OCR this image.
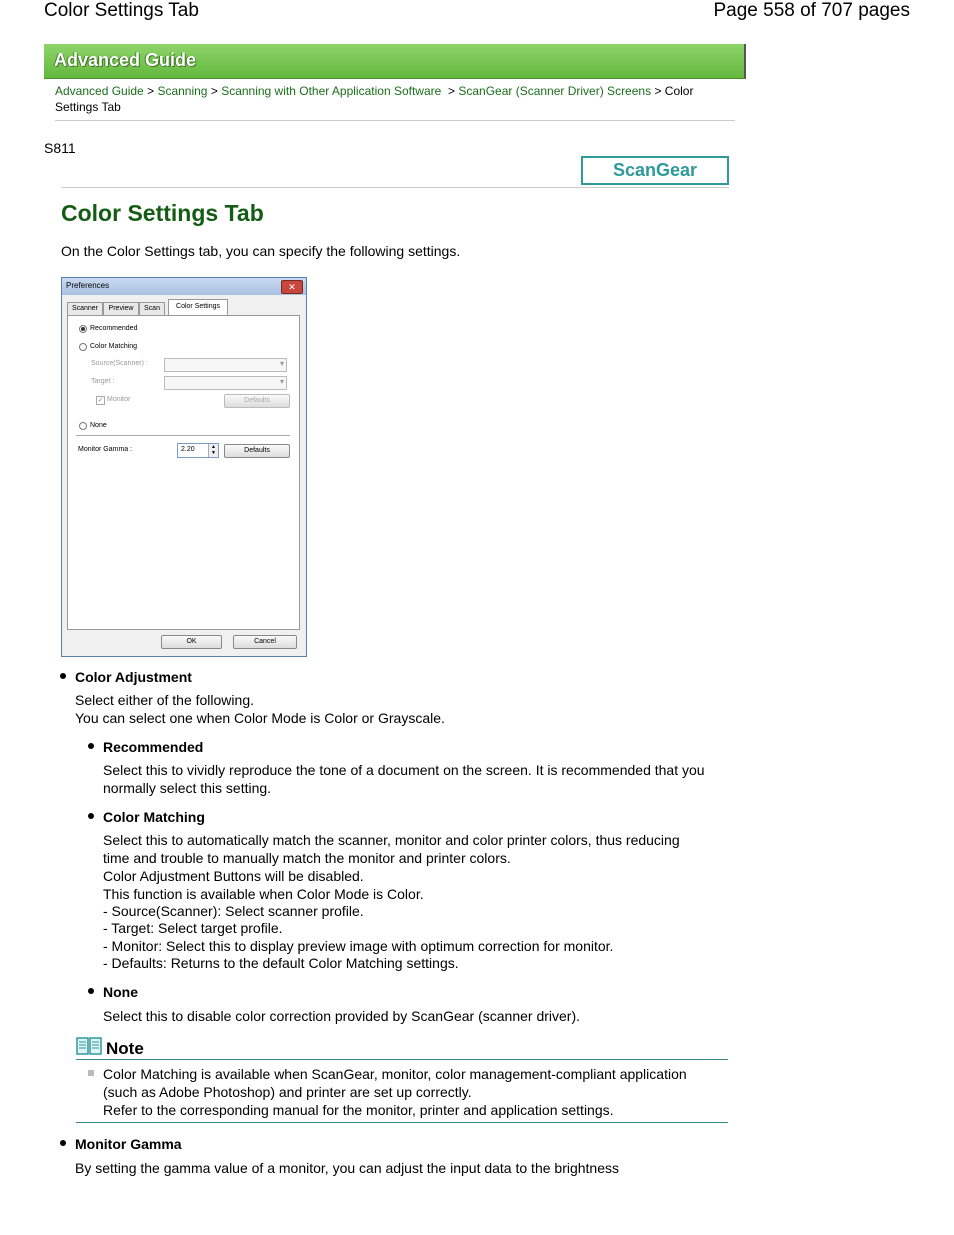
Color Settings Tab	Page 558 of 707 pages
Advanced Guide
Advanced Guide > Scanning > Scanning with Other Application Software > ScanGear (Scanner Driver) Screens > Color
Settings Tab
S811
ScanGear
Color Settings Tab
On the Color Settings tab, you can specify the following settings.
Preferences	✕
Scanner	Preview	Scan	Color Settings
Recommended
Color Matching
Source(Scanner) :
▾
Target :
▾
✓ Monitor	Defaults
None
Monitor Gamma :	2.20	▲
▼	Defaults
OK	Cancel
Color Adjustment
Select either of the following.
You can select one when Color Mode is Color or Grayscale.
Recommended
Select this to vividly reproduce the tone of a document on the screen. It is recommended that you
normally select this setting.
Color Matching
Select this to automatically match the scanner, monitor and color printer colors, thus reducing
time and trouble to manually match the monitor and printer colors.
Color Adjustment Buttons will be disabled.
This function is available when Color Mode is Color.
- Source(Scanner): Select scanner profile.
- Target: Select target profile.
- Monitor: Select this to display preview image with optimum correction for monitor.
- Defaults: Returns to the default Color Matching settings.
None
Select this to disable color correction provided by ScanGear (scanner driver).
Note
Color Matching is available when ScanGear, monitor, color management-compliant application
(such as Adobe Photoshop) and printer are set up correctly.
Refer to the corresponding manual for the monitor, printer and application settings.
Monitor Gamma
By setting the gamma value of a monitor, you can adjust the input data to the brightness
